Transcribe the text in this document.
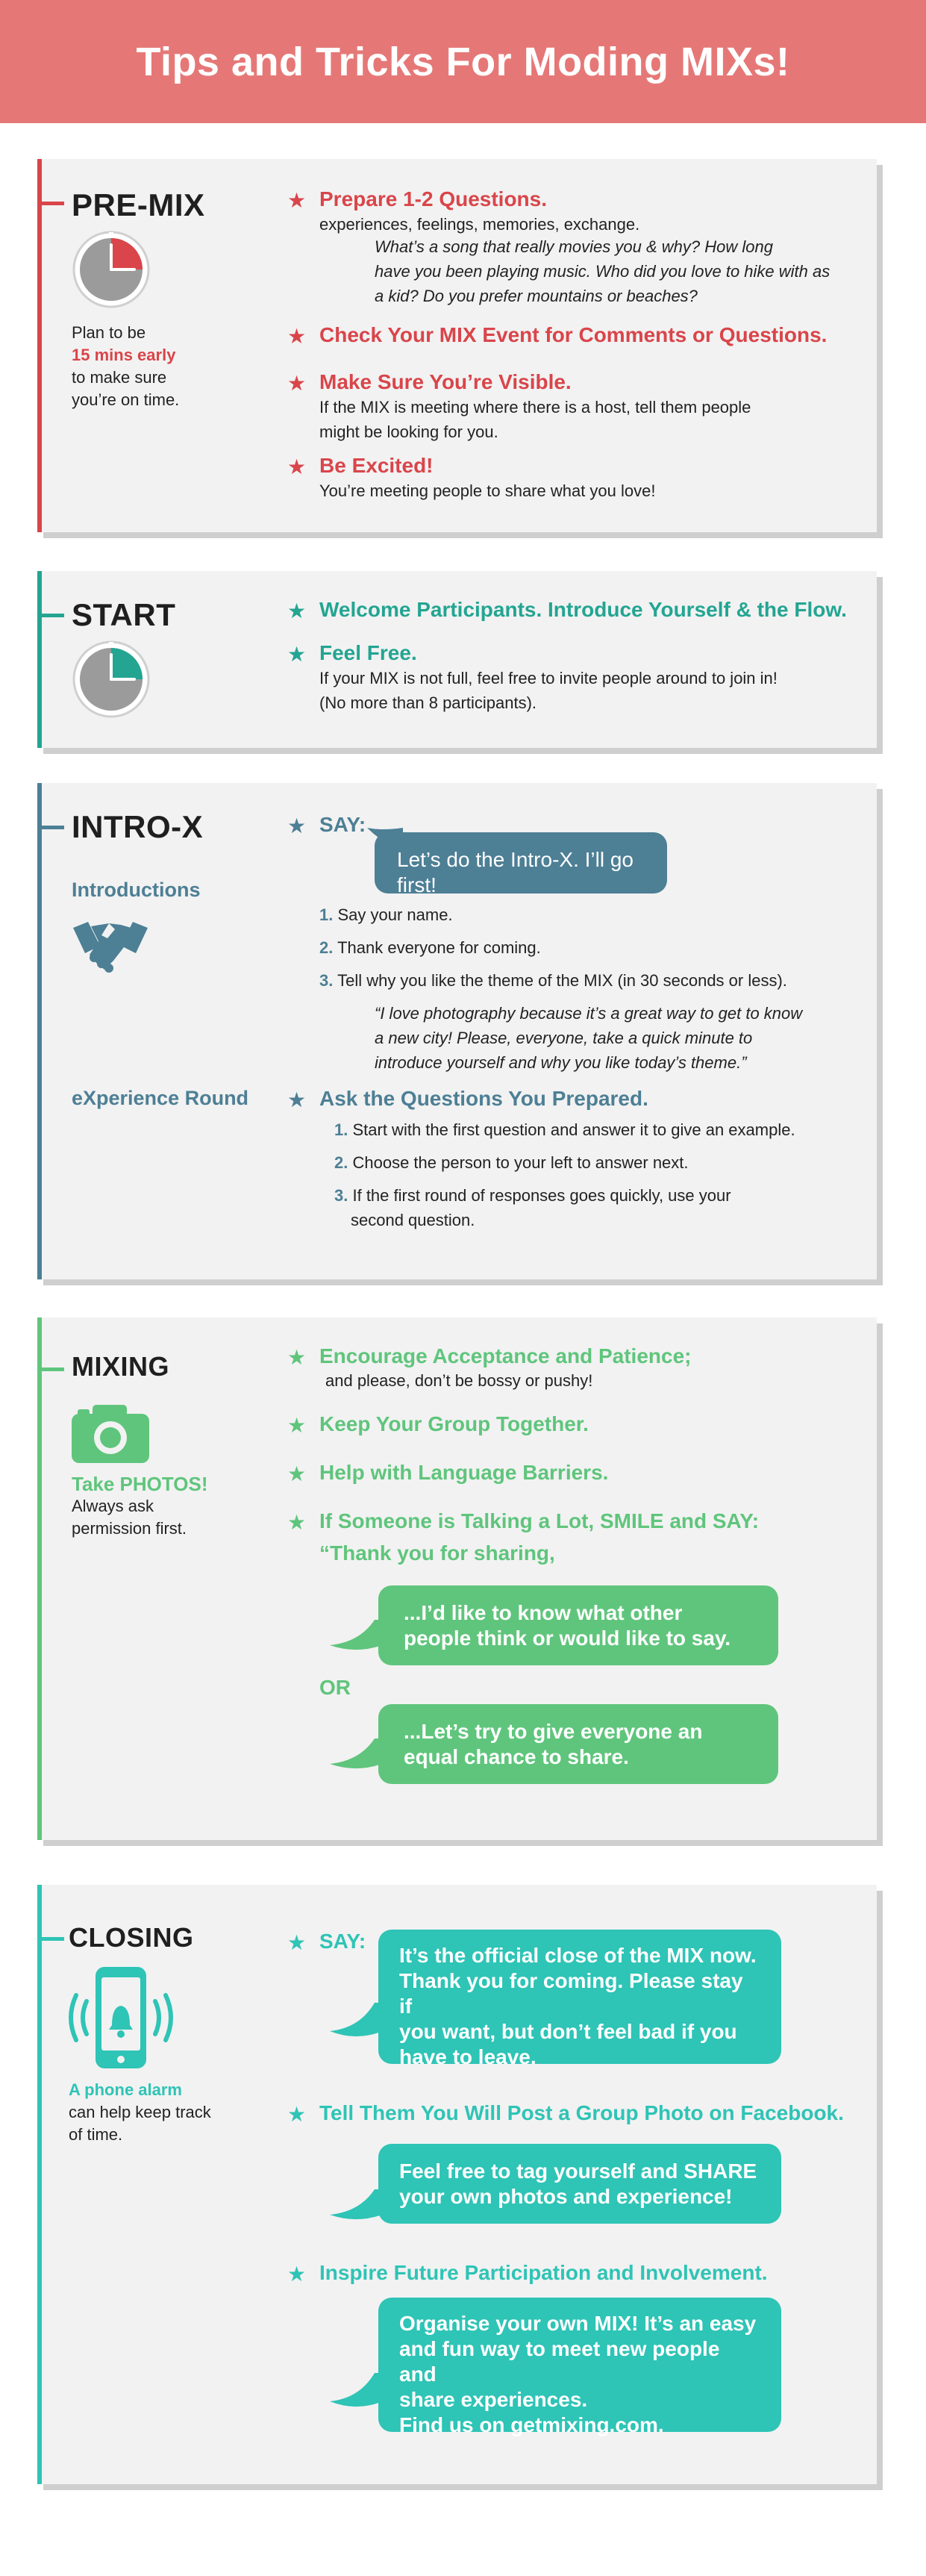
Tips and Tricks For Moding MIXs!
PRE-MIX
Plan to be
15 mins early
to make sure
you’re on time.
★ Prepare 1-2 Questions.
experiences, feelings, memories, exchange.
What’s a song that really movies you & why? How long
have you been playing music. Who did you love to hike with as
a kid? Do you prefer mountains or beaches?
★ Check Your MIX Event for Comments or Questions.
★ Make Sure You’re Visible.
If the MIX is meeting where there is a host, tell them people
might be looking for you.
★ Be Excited!
You’re meeting people to share what you love!
START	★ Welcome Participants. Introduce Yourself & the Flow.
★ Feel Free.
If your MIX is not full, feel free to invite people around to join in!
(No more than 8 participants).
INTRO-X
Introductions
eXperience Round
★ SAY:
Let’s do the Intro-X. I’ll go first!
1. Say your name.
2. Thank everyone for coming.
3. Tell why you like the theme of the MIX (in 30 seconds or less).
“I love photography because it’s a great way to get to know
a new city! Please, everyone, take a quick minute to
introduce yourself and why you like today’s theme.”
★ Ask the Questions You Prepared.
1. Start with the first question and answer it to give an example.
2. Choose the person to your left to answer next.
3. If the first round of responses goes quickly, use your
second question.
MIXING
Take PHOTOS!
Always ask
permission first.
★ Encourage Acceptance and Patience;
and please, don’t be bossy or pushy!
★ Keep Your Group Together.
★ Help with Language Barriers.
★ If Someone is Talking a Lot, SMILE and SAY:
“Thank you for sharing,
...I’d like to know what other
people think or would like to say.
OR
...Let’s try to give everyone an
equal chance to share.
CLOSING
A phone alarm
can help keep track
of time.
★ SAY:
It’s the official close of the MIX now.
Thank you for coming. Please stay if
you want, but don’t feel bad if you
have to leave.
★ Tell Them You Will Post a Group Photo on Facebook.
Feel free to tag yourself and SHARE
your own photos and experience!
★ Inspire Future Participation and Involvement.
Organise your own MIX! It’s an easy
and fun way to meet new people and
share experiences.
Find us on getmixing.com.
